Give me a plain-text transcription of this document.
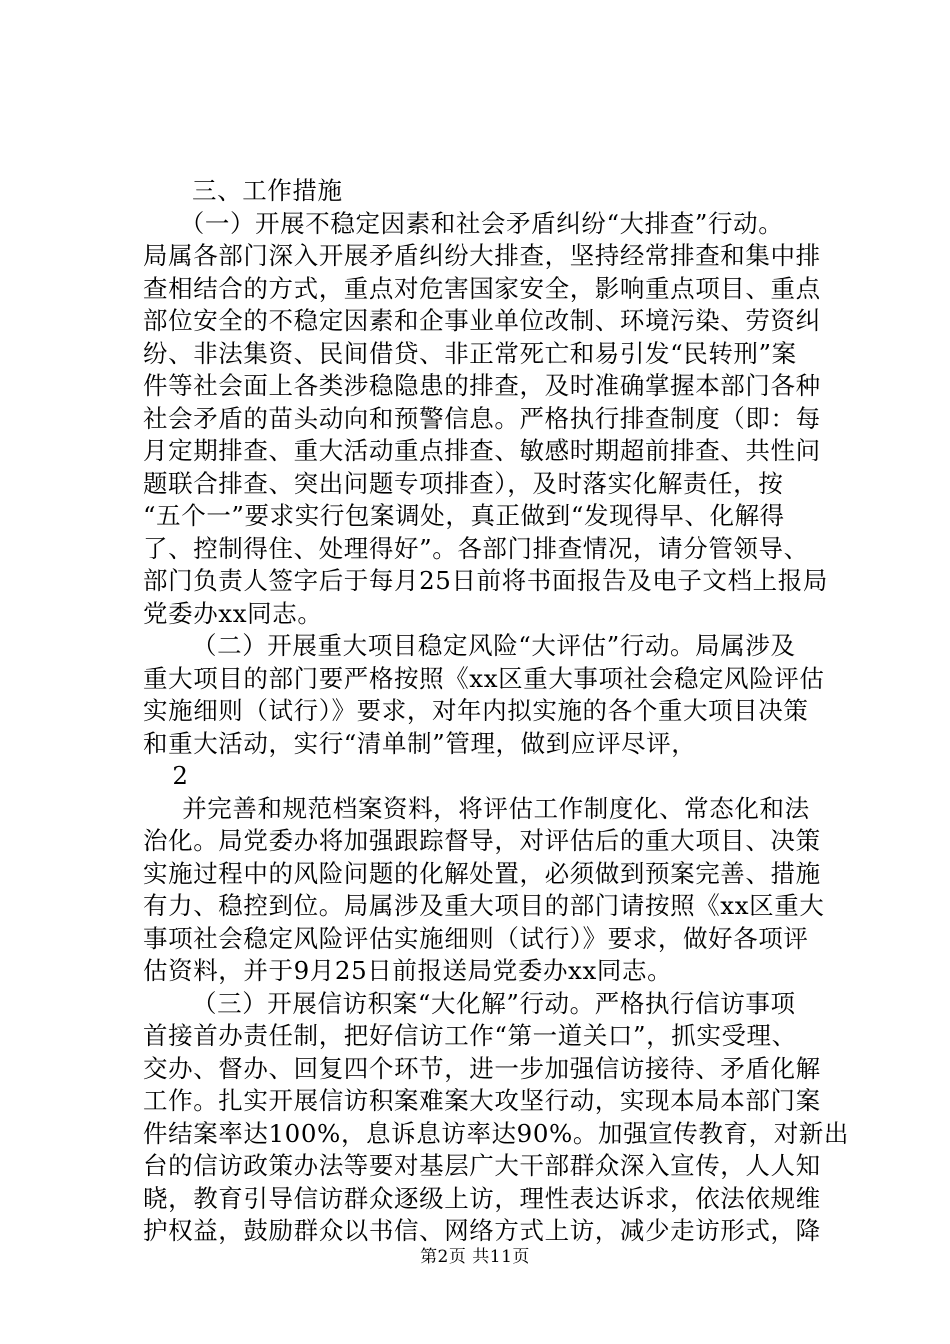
三、工作措施
（一）开展不稳定因素和社会矛盾纠纷“大排查”行动。
局属各部门深入开展矛盾纠纷大排查，坚持经常排查和集中排
查相结合的方式，重点对危害国家安全，影响重点项目、重点
部位安全的不稳定因素和企事业单位改制、环境污染、劳资纠
纷、非法集资、民间借贷、非正常死亡和易引发“民转刑”案
件等社会面上各类涉稳隐患的排查，及时准确掌握本部门各种
社会矛盾的苗头动向和预警信息。严格执行排查制度（即：每
月定期排查、重大活动重点排查、敏感时期超前排查、共性问
题联合排查、突出问题专项排查），及时落实化解责任，按
“五个一”要求实行包案调处，真正做到“发现得早、化解得
了、控制得住、处理得好”。各部门排查情况，请分管领导、
部门负责人签字后于每月25日前将书面报告及电子文档上报局
党委办xx同志。
（二）开展重大项目稳定风险“大评估”行动。局属涉及
重大项目的部门要严格按照《xx区重大事项社会稳定风险评估
实施细则（试行）》要求，对年内拟实施的各个重大项目决策
和重大活动，实行“清单制”管理，做到应评尽评，
2
并完善和规范档案资料，将评估工作制度化、常态化和法
治化。局党委办将加强跟踪督导，对评估后的重大项目、决策
实施过程中的风险问题的化解处置，必须做到预案完善、措施
有力、稳控到位。局属涉及重大项目的部门请按照《xx区重大
事项社会稳定风险评估实施细则（试行）》要求，做好各项评
估资料，并于9月25日前报送局党委办xx同志。
（三）开展信访积案“大化解”行动。严格执行信访事项
首接首办责任制，把好信访工作“第一道关口”，抓实受理、
交办、督办、回复四个环节，进一步加强信访接待、矛盾化解
工作。扎实开展信访积案难案大攻坚行动，实现本局本部门案
件结案率达100%，息诉息访率达90%。加强宣传教育，对新出
台的信访政策办法等要对基层广大干部群众深入宣传，人人知
晓，教育引导信访群众逐级上访，理性表达诉求，依法依规维
护权益，鼓励群众以书信、网络方式上访，减少走访形式，降
第2页 共11页
